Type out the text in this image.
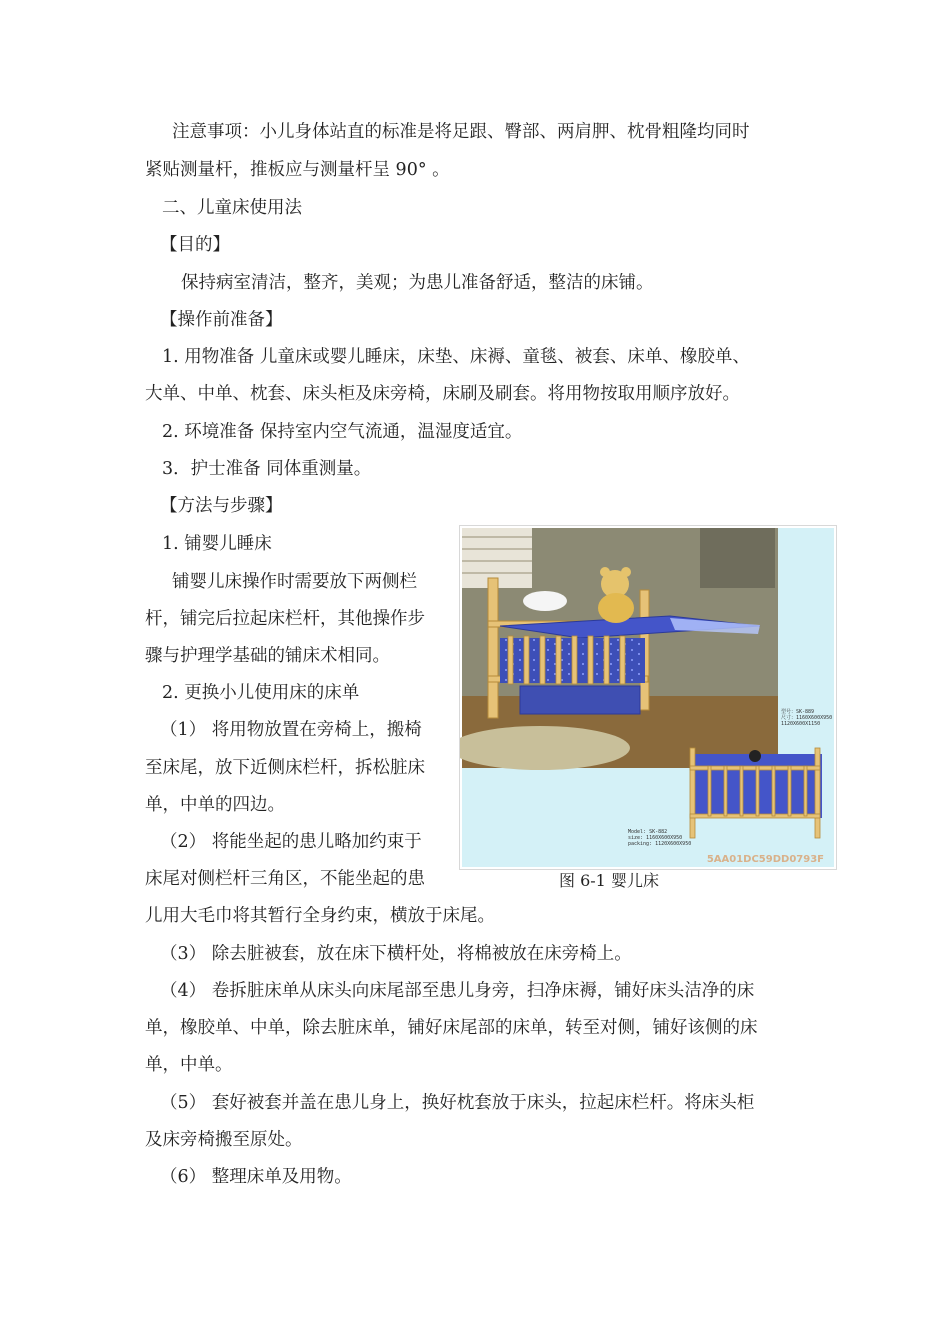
注意事项：小儿身体站直的标准是将足跟、臀部、两肩胛、枕骨粗隆均同时
紧贴测量杆，推板应与测量杆呈 90° 。
二、儿童床使用法
【目的】
保持病室清洁，整齐，美观；为患儿准备舒适，整洁的床铺。
【操作前准备】
1. 用物准备 儿童床或婴儿睡床，床垫、床褥、童毯、被套、床单、橡胶单、
大单、中单、枕套、床头柜及床旁椅，床刷及刷套。将用物按取用顺序放好。
2. 环境准备 保持室内空气流通，温湿度适宜。
3．护士准备 同体重测量。
【方法与步骤】
1. 铺婴儿睡床
铺婴儿床操作时需要放下两侧栏
杆，铺完后拉起床栏杆，其他操作步
骤与护理学基础的铺床术相同。
2. 更换小儿使用床的床单
（1） 将用物放置在旁椅上，搬椅
至床尾，放下近侧床栏杆，拆松脏床
单，中单的四边。
（2） 将能坐起的患儿略加约束于
床尾对侧栏杆三角区，不能坐起的患
儿用大毛巾将其暂行全身约束，横放于床尾。
（3） 除去脏被套，放在床下横杆处，将棉被放在床旁椅上。
（4） 卷拆脏床单从床头向床尾部至患儿身旁，扫净床褥，铺好床头洁净的床
单，橡胶单、中单，除去脏床单，铺好床尾部的床单，转至对侧，铺好该侧的床
单，中单。
（5） 套好被套并盖在患儿身上，换好枕套放于床头，拉起床栏杆。将床头柜
及床旁椅搬至原处。
（6） 整理床单及用物。
型号：SK-889
尺寸：1160X600X950
1120X600X1150
Model: SK-882
size: 1160X600X950
packing: 1120X600X950
5AA01DC59DD0793F
图 6-1 婴儿床
